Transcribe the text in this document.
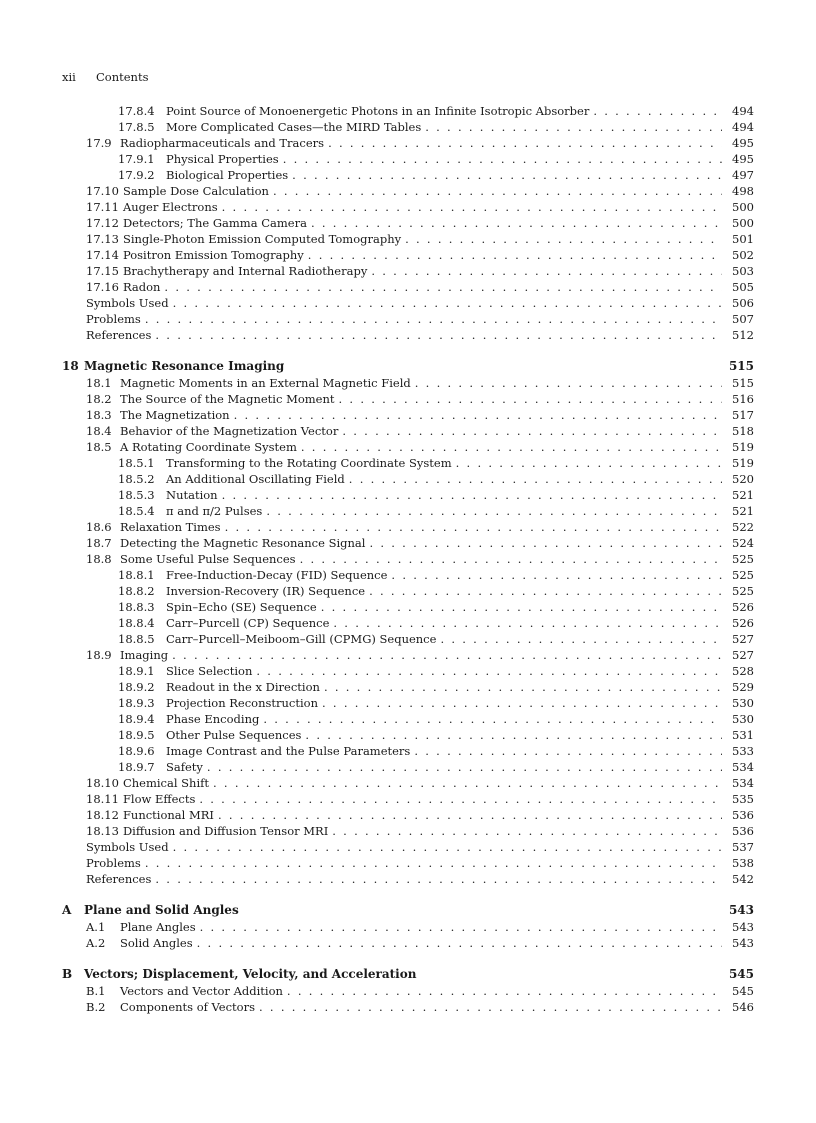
xii Contents
17.8.4 Point Source of Monoenergetic Photons in an Infinite Isotropic Absorber . . .	494
17.8.5 More Complicated Cases—the MIRD Tables . . .	494
17.9 Radiopharmaceuticals and Tracers . . .	495
17.9.1 Physical Properties . . .	495
17.9.2 Biological Properties . . .	497
17.10 Sample Dose Calculation . . .	498
17.11 Auger Electrons . . .	500
17.12 Detectors; The Gamma Camera . . .	500
17.13 Single-Photon Emission Computed Tomography . . .	501
17.14 Positron Emission Tomography . . .	502
17.15 Brachytherapy and Internal Radiotherapy . . .	503
17.16 Radon . . .	505
Symbols Used . . .	506
Problems . . .	507
References . . .	512
18 Magnetic Resonance Imaging	515
18.1 Magnetic Moments in an External Magnetic Field . . .	515
18.2 The Source of the Magnetic Moment . . .	516
18.3 The Magnetization . . .	517
18.4 Behavior of the Magnetization Vector . . .	518
18.5 A Rotating Coordinate System . . .	519
18.5.1 Transforming to the Rotating Coordinate System . . .	519
18.5.2 An Additional Oscillating Field . . .	520
18.5.3 Nutation . . .	521
18.5.4 π and π/2 Pulses . . .	521
18.6 Relaxation Times . . .	522
18.7 Detecting the Magnetic Resonance Signal . . .	524
18.8 Some Useful Pulse Sequences . . .	525
18.8.1 Free-Induction-Decay (FID) Sequence . . .	525
18.8.2 Inversion-Recovery (IR) Sequence . . .	525
18.8.3 Spin–Echo (SE) Sequence . . .	526
18.8.4 Carr–Purcell (CP) Sequence . . .	526
18.8.5 Carr–Purcell–Meiboom–Gill (CPMG) Sequence . . .	527
18.9 Imaging . . .	527
18.9.1 Slice Selection . . .	528
18.9.2 Readout in the x Direction . . .	529
18.9.3 Projection Reconstruction . . .	530
18.9.4 Phase Encoding . . .	530
18.9.5 Other Pulse Sequences . . .	531
18.9.6 Image Contrast and the Pulse Parameters . . .	533
18.9.7 Safety . . .	534
18.10 Chemical Shift . . .	534
18.11 Flow Effects . . .	535
18.12 Functional MRI . . .	536
18.13 Diffusion and Diffusion Tensor MRI . . .	536
Symbols Used . . .	537
Problems . . .	538
References . . .	542
A	Plane and Solid Angles	543
A.1	Plane Angles . . .	543
A.2	Solid Angles . . .	543
B Vectors; Displacement, Velocity, and Acceleration	545
B.1	Vectors and Vector Addition . . .	545
B.2	Components of Vectors . . .	546
